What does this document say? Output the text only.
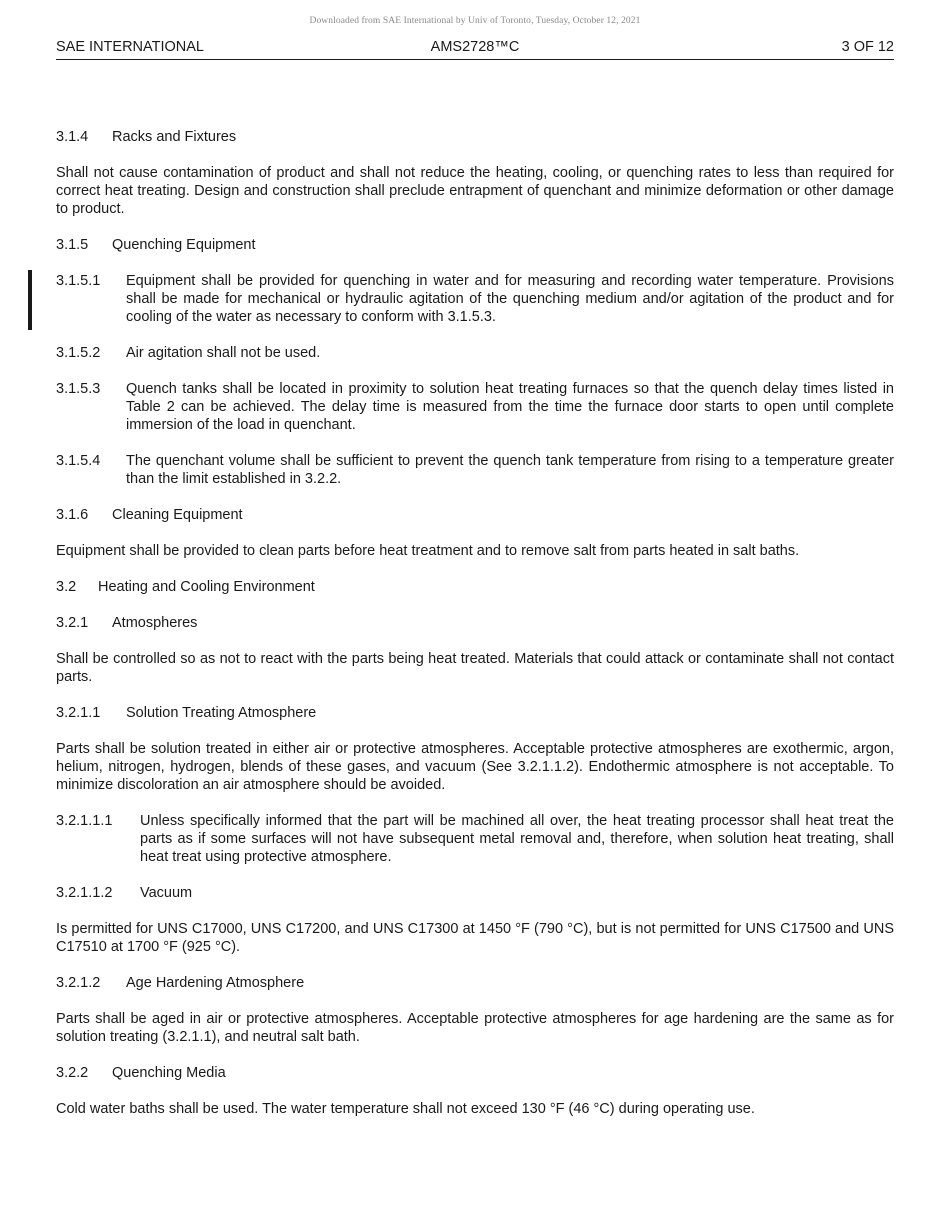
Downloaded from SAE International by Univ of Toronto, Tuesday, October 12, 2021
AMS2728™C
SAE INTERNATIONAL	3 OF 12
3.1.4 Racks and Fixtures

Shall not cause contamination of product and shall not reduce the heating, cooling, or quenching rates to less than required for correct heat treating. Design and construction shall preclude entrapment of quenchant and minimize deformation or other damage to product.

3.1.5 Quenching Equipment
3.1.5.1	Equipment shall be provided for quenching in water and for measuring and recording water temperature. Provisions shall be made for mechanical or hydraulic agitation of the quenching medium and/or agitation of the product and for cooling of the water as necessary to conform with 3.1.5.3.
3.1.5.2	Air agitation shall not be used.
3.1.5.3	Quench tanks shall be located in proximity to solution heat treating furnaces so that the quench delay times listed in Table 2 can be achieved. The delay time is measured from the time the furnace door starts to open until complete immersion of the load in quenchant.
3.1.5.4	The quenchant volume shall be sufficient to prevent the quench tank temperature from rising to a temperature greater than the limit established in 3.2.2.
3.1.6 Cleaning Equipment

Equipment shall be provided to clean parts before heat treatment and to remove salt from parts heated in salt baths.

3.2 Heating and Cooling Environment
3.2.1 Atmospheres

Shall be controlled so as not to react with the parts being heat treated. Materials that could attack or contaminate shall not contact parts.

3.2.1.1 Solution Treating Atmosphere

Parts shall be solution treated in either air or protective atmospheres. Acceptable protective atmospheres are exothermic, argon, helium, nitrogen, hydrogen, blends of these gases, and vacuum (See 3.2.1.1.2). Endothermic atmosphere is not acceptable. To minimize discoloration an air atmosphere should be avoided.

3.2.1.1.1	Unless specifically informed that the part will be machined all over, the heat treating processor shall heat treat the parts as if some surfaces will not have subsequent metal removal and, therefore, when solution heat treating, shall heat treat using protective atmosphere.
3.2.1.1.2 Vacuum

Is permitted for UNS C17000, UNS C17200, and UNS C17300 at 1450 °F (790 °C), but is not permitted for UNS C17500 and UNS C17510 at 1700 °F (925 °C).

3.2.1.2 Age Hardening Atmosphere

Parts shall be aged in air or protective atmospheres. Acceptable protective atmospheres for age hardening are the same as for solution treating (3.2.1.1), and neutral salt bath.

3.2.2 Quenching Media

Cold water baths shall be used. The water temperature shall not exceed 130 °F (46 °C) during operating use.
